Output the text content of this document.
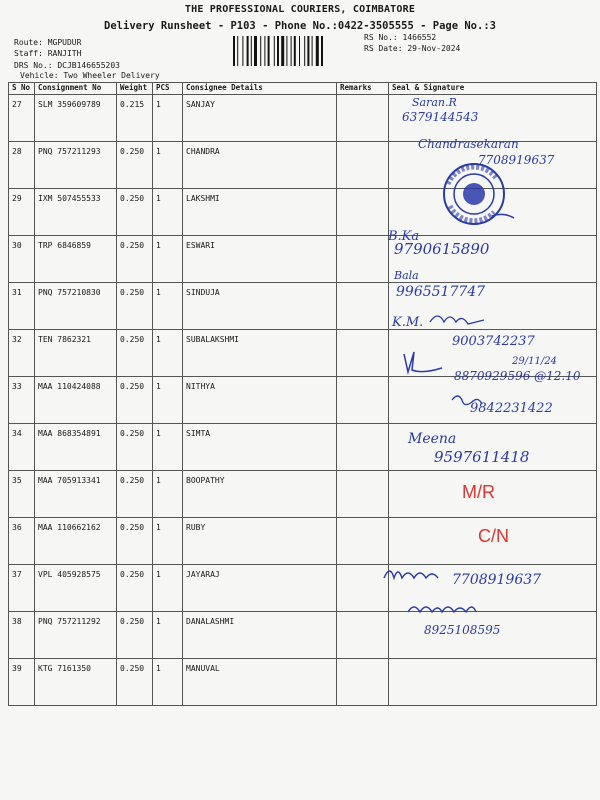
THE PROFESSIONAL COURIERS, COIMBATORE
Delivery Runsheet - P103 - Phone No.:0422-3505555 - Page No.:3
Route: MGPUDUR
Staff: RANJITH
DRS No.: DCJB146655203
Vehicle: Two Wheeler Delivery
RS No.: 1466552
RS Date: 29-Nov-2024
S No	Consignment No	Weight	PCS	Consignee Details	Remarks	Seal & Signature
27	SLM 359609789	0.215	1	SANJAY		
28	PNQ 757211293	0.250	1	CHANDRA		
29	IXM 507455533	0.250	1	LAKSHMI		
30	TRP 6846859	0.250	1	ESWARI		
31	PNQ 757210830	0.250	1	SINDUJA		
32	TEN 7862321	0.250	1	SUBALAKSHMI		
33	MAA 110424088	0.250	1	NITHYA		
34	MAA 868354891	0.250	1	SIMTA		
35	MAA 705913341	0.250	1	BOOPATHY		
36	MAA 110662162	0.250	1	RUBY		
37	VPL 405928575	0.250	1	JAYARAJ		
38	PNQ 757211292	0.250	1	DANALASHMI		
39	KTG 7161350	0.250	1	MANUVAL		
Saran.R
6379144543
Chandrasekaran
7708919637
B.Ka
9790615890
Bala
9965517747
K.M.
9003742237
29/11/24
8870929596 @12.10
9842231422
Meena
9597611418
M/R
C/N
7708919637
8925108595
